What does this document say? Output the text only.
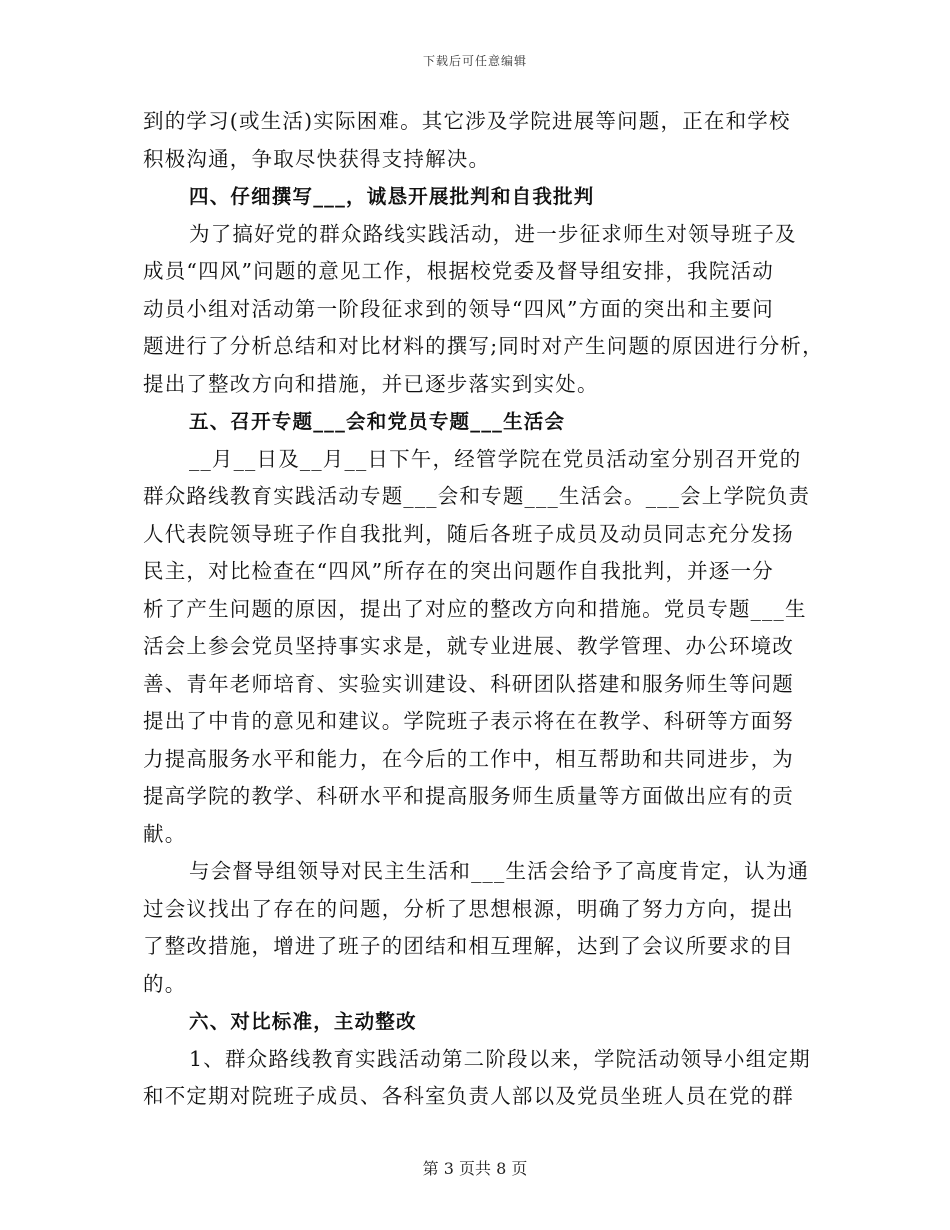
下载后可任意编辑
到的学习(或生活)实际困难。其它涉及学院进展等问题，正在和学校
积极沟通，争取尽快获得支持解决。
四、仔细撰写___，诚恳开展批判和自我批判
为了搞好党的群众路线实践活动，进一步征求师生对领导班子及
成员“四风”问题的意见工作，根据校党委及督导组安排，我院活动
动员小组对活动第一阶段征求到的领导“四风”方面的突出和主要问
题进行了分析总结和对比材料的撰写;同时对产生问题的原因进行分析，
提出了整改方向和措施，并已逐步落实到实处。
五、召开专题___会和党员专题___生活会
__月__日及__月__日下午，经管学院在党员活动室分别召开党的
群众路线教育实践活动专题___会和专题___生活会。___会上学院负责
人代表院领导班子作自我批判，随后各班子成员及动员同志充分发扬
民主，对比检查在“四风”所存在的突出问题作自我批判，并逐一分
析了产生问题的原因，提出了对应的整改方向和措施。党员专题___生
活会上参会党员坚持事实求是，就专业进展、教学管理、办公环境改
善、青年老师培育、实验实训建设、科研团队搭建和服务师生等问题
提出了中肯的意见和建议。学院班子表示将在在教学、科研等方面努
力提高服务水平和能力，在今后的工作中，相互帮助和共同进步，为
提高学院的教学、科研水平和提高服务师生质量等方面做出应有的贡
献。
与会督导组领导对民主生活和___生活会给予了高度肯定，认为通
过会议找出了存在的问题，分析了思想根源，明确了努力方向，提出
了整改措施，增进了班子的团结和相互理解，达到了会议所要求的目
的。
六、对比标准，主动整改
1、群众路线教育实践活动第二阶段以来，学院活动领导小组定期
和不定期对院班子成员、各科室负责人部以及党员坐班人员在党的群
第 3 页共 8 页
